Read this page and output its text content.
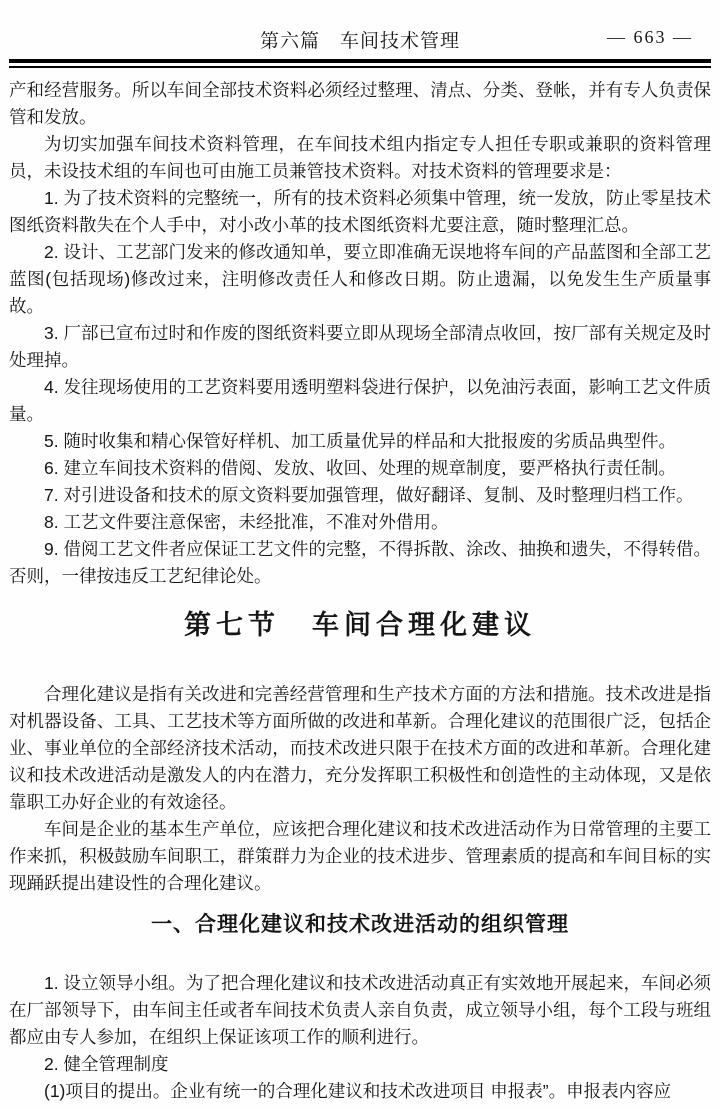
第六篇　车间技术管理	— 663 —

产和经营服务。所以车间全部技术资料必须经过整理、清点、分类、登帐，并有专人负责保管和发放。

为切实加强车间技术资料管理，在车间技术组内指定专人担任专职或兼职的资料管理员，未设技术组的车间也可由施工员兼管技术资料。对技术资料的管理要求是：

1. 为了技术资料的完整统一，所有的技术资料必须集中管理，统一发放，防止零星技术图纸资料散失在个人手中，对小改小革的技术图纸资料尤要注意，随时整理汇总。

2. 设计、工艺部门发来的修改通知单，要立即准确无误地将车间的产品蓝图和全部工艺蓝图(包括现场)修改过来，注明修改责任人和修改日期。防止遗漏，以免发生生产质量事故。

3. 厂部已宣布过时和作废的图纸资料要立即从现场全部清点收回，按厂部有关规定及时处理掉。

4. 发往现场使用的工艺资料要用透明塑料袋进行保护，以免油污表面，影响工艺文件质量。

5. 随时收集和精心保管好样机、加工质量优异的样品和大批报废的劣质品典型件。

6. 建立车间技术资料的借阅、发放、收回、处理的规章制度，要严格执行责任制。

7. 对引进设备和技术的原文资料要加强管理，做好翻译、复制、及时整理归档工作。

8. 工艺文件要注意保密，未经批准，不准对外借用。

9. 借阅工艺文件者应保证工艺文件的完整，不得拆散、涂改、抽换和遗失，不得转借。否则，一律按违反工艺纪律论处。

第七节　车间合理化建议

合理化建议是指有关改进和完善经营管理和生产技术方面的方法和措施。技术改进是指对机器设备、工具、工艺技术等方面所做的改进和革新。合理化建议的范围很广泛，包括企业、事业单位的全部经济技术活动，而技术改进只限于在技术方面的改进和革新。合理化建议和技术改进活动是激发人的内在潜力，充分发挥职工积极性和创造性的主动体现，又是依靠职工办好企业的有效途径。

车间是企业的基本生产单位，应该把合理化建议和技术改进活动作为日常管理的主要工作来抓，积极鼓励车间职工，群策群力为企业的技术进步、管理素质的提高和车间目标的实现踊跃提出建设性的合理化建议。

一、合理化建议和技术改进活动的组织管理

1. 设立领导小组。为了把合理化建议和技术改进活动真正有实效地开展起来，车间必须在厂部领导下，由车间主任或者车间技术负责人亲自负责，成立领导小组，每个工段与班组都应由专人参加，在组织上保证该项工作的顺利进行。

2. 健全管理制度

(1)项目的提出。企业有统一的合理化建议和技术改进项目 申报表”。申报表内容应
